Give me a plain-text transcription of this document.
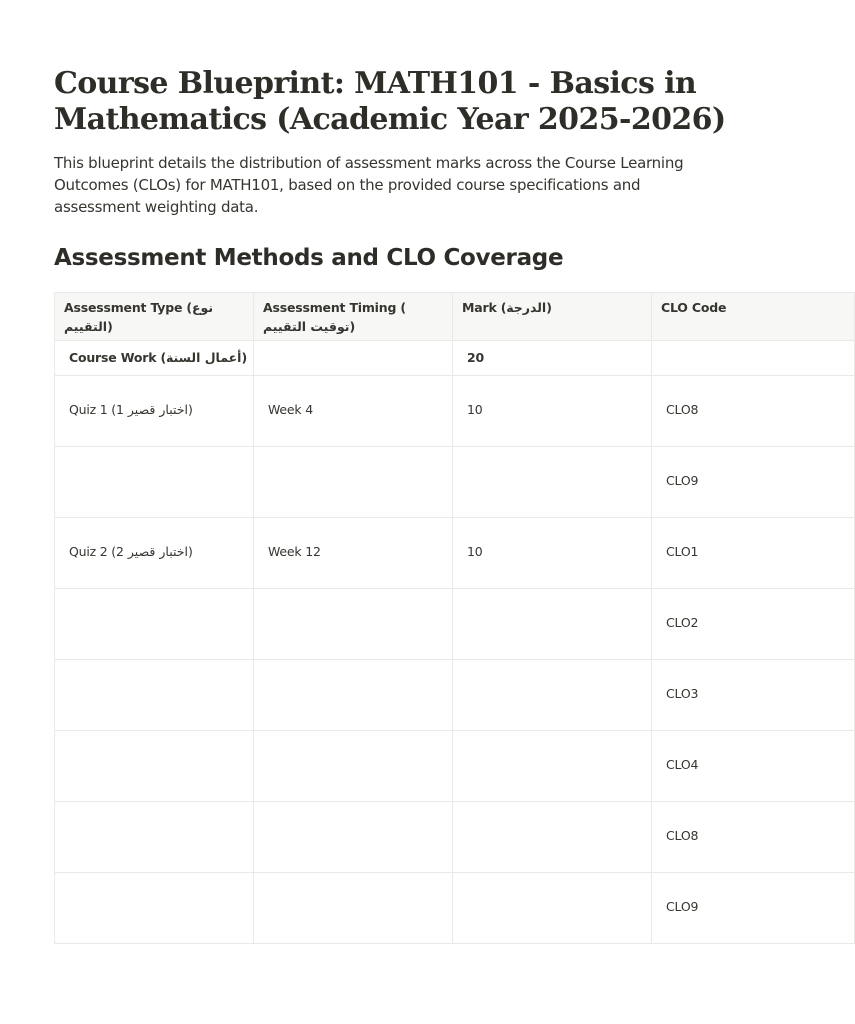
Course Blueprint: MATH101 - Basics in Mathematics (Academic Year 2025-2026)

This blueprint details the distribution of assessment marks across the Course Learning Outcomes (CLOs) for MATH101, based on the provided course specifications and assessment weighting data.

Assessment Methods and CLO Coverage
Assessment Type (نوع التقييم)	Assessment Timing ( توقيت التقييم)	Mark (الدرجة)	CLO Code

Course Work (أعمال السنة)		20	

Quiz 1 (اختبار قصير 1)	Week 4	10	CLO8

			CLO9

Quiz 2 (اختبار قصير 2)	Week 12	10	CLO1

			CLO2

			CLO3

			CLO4

			CLO8

			CLO9
